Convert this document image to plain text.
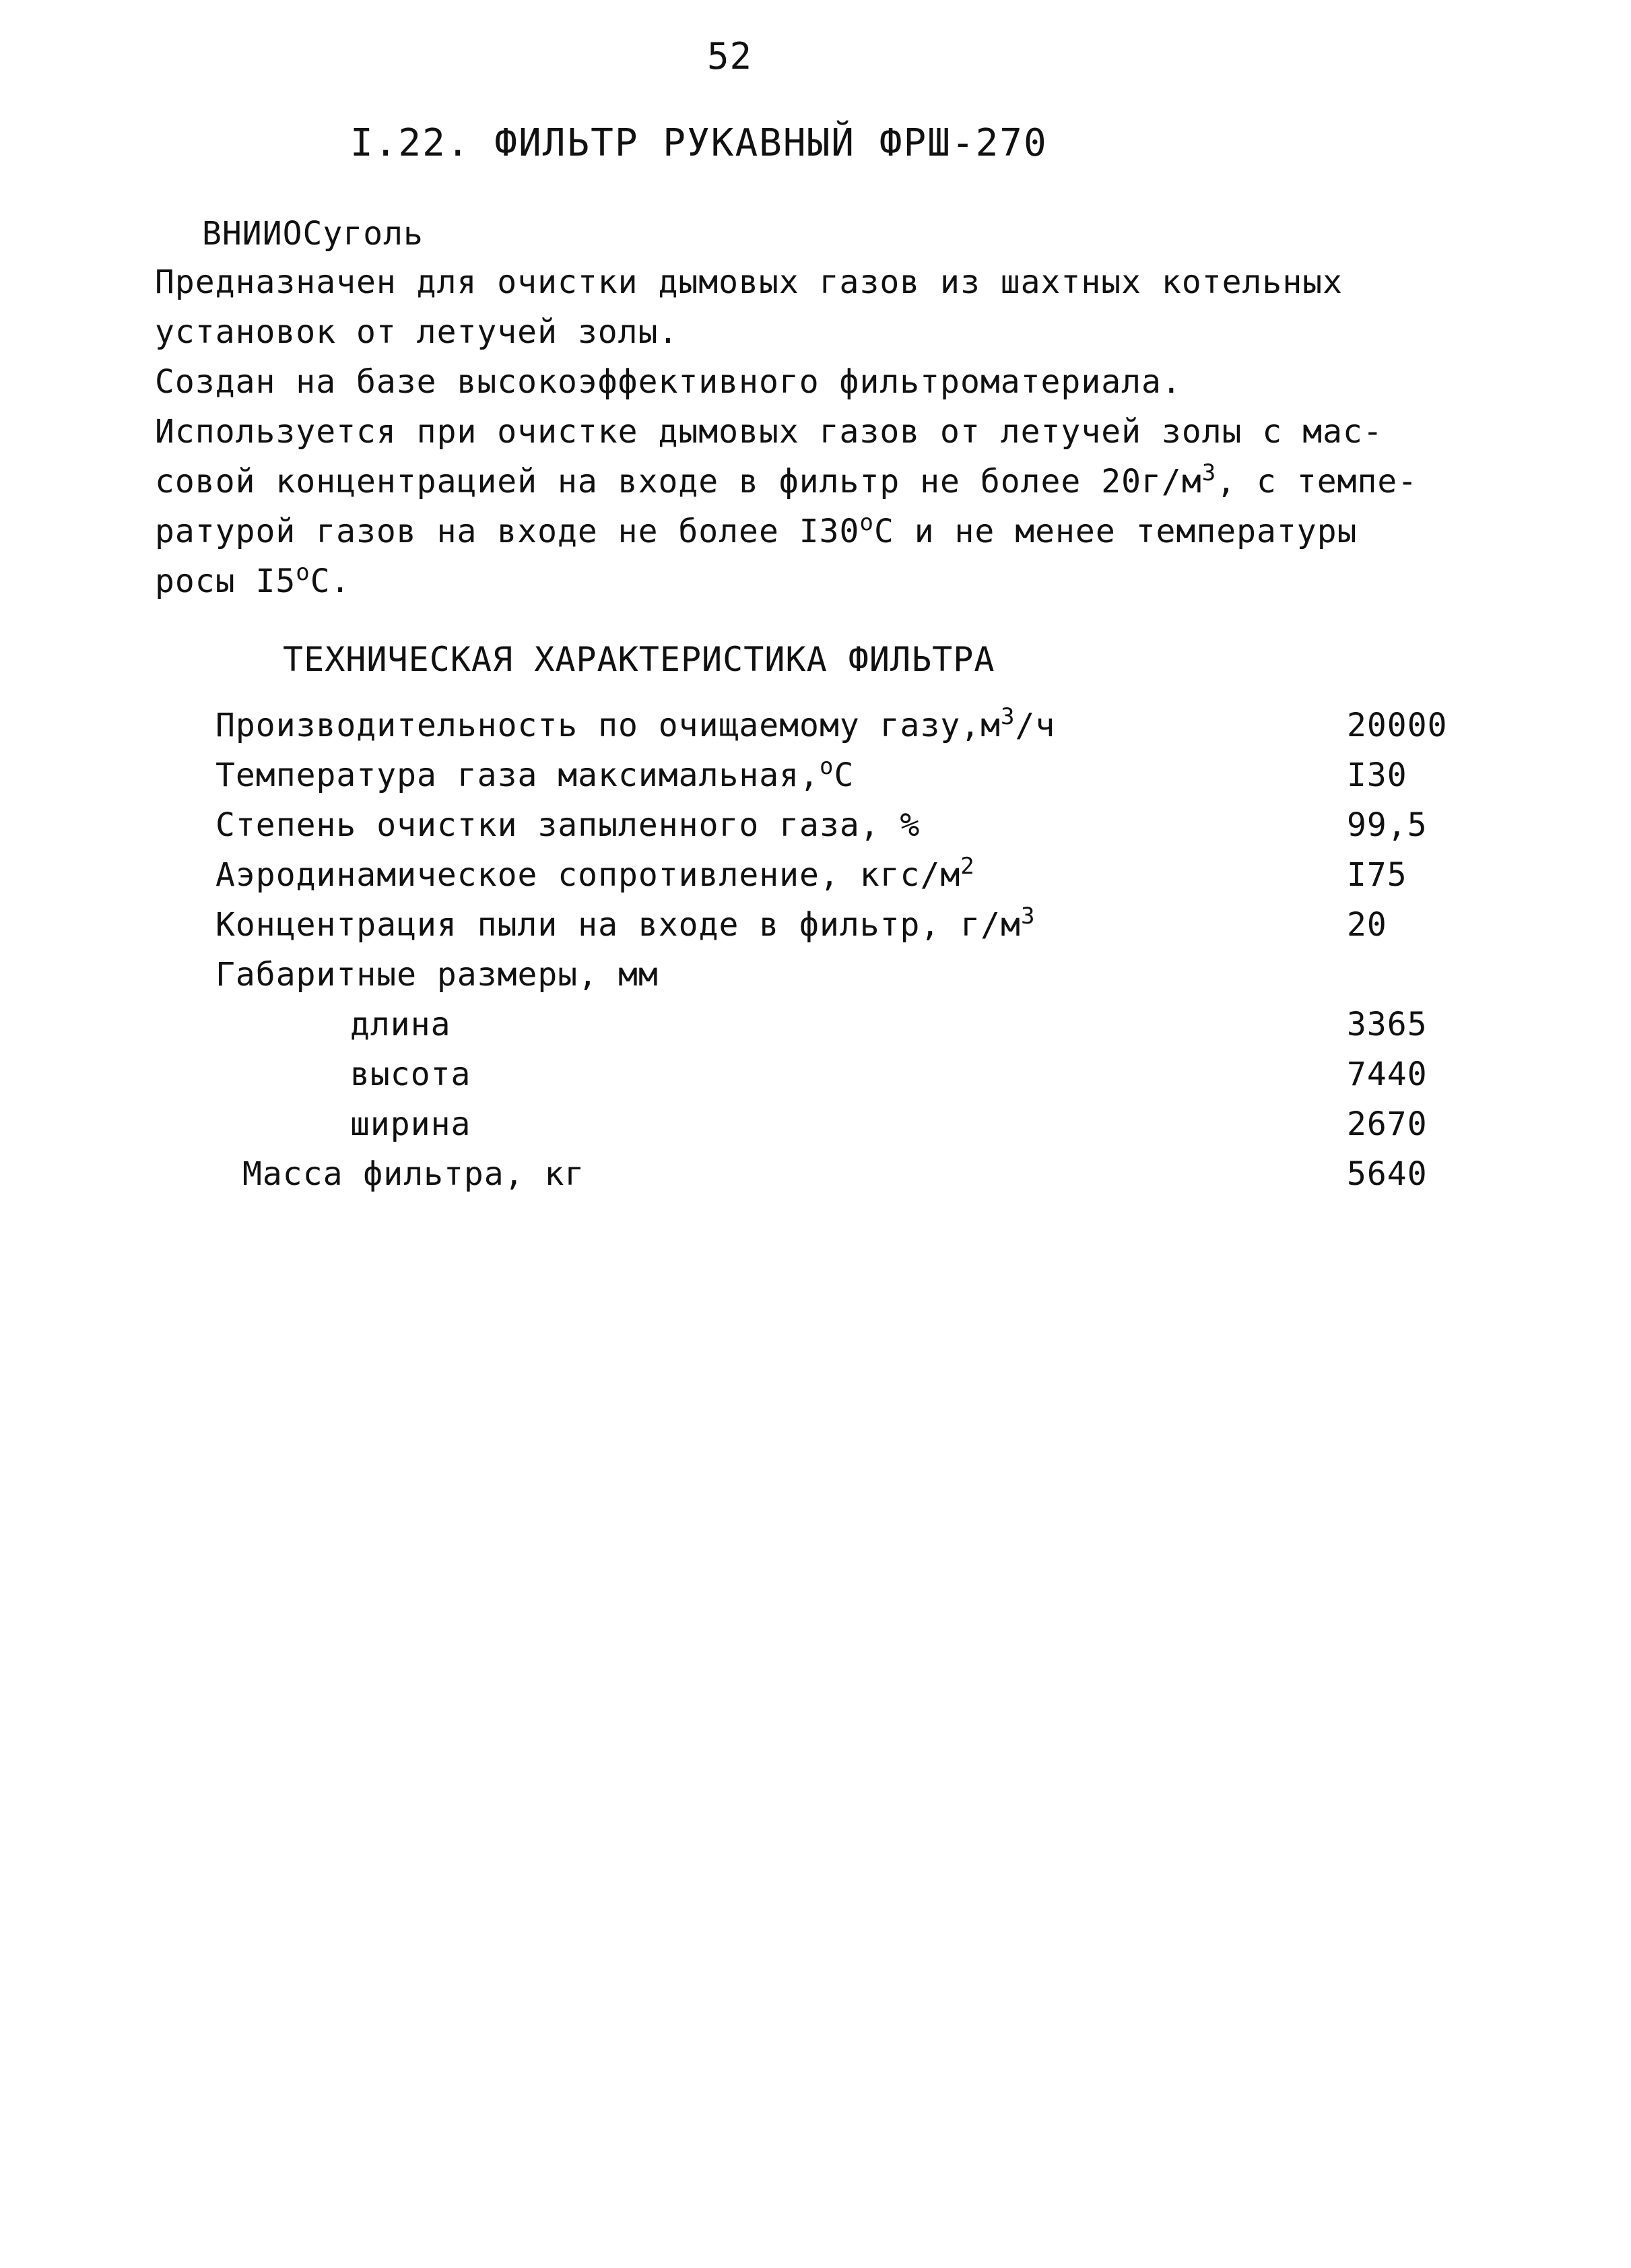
52
I.22. ФИЛЬТР РУКАВНЫЙ ФРШ-270
ВНИИОСуголь
Предназначен для очистки дымовых газов из шахтных котельных
установок от летучей золы.
Создан на базе высокоэффективного фильтроматериала.
Используется при очистке дымовых газов от летучей золы с мас-
совой концентрацией на входе в фильтр не более $20г/м^3$, с темпе-
ратурой газов на входе не более $I30^оС$ и не менее температуры
росы $I5^оС$.
ТЕХНИЧЕСКАЯ ХАРАКТЕРИСТИКА ФИЛЬТРА
Производительность по очищаемому $газу,м^3/ч$	20000
Температура газа максимальная,$^о$С	I30
Степень очистки запыленного газа, %	99,5
Аэродинамическое сопротивление, кгс/$м^2$	I75
Концентрация пыли на входе в фильтр, $г/м^3$	20
Габаритные размеры, мм
длина	3365
высота	7440
ширина	2670
Масса фильтра, кг	5640
